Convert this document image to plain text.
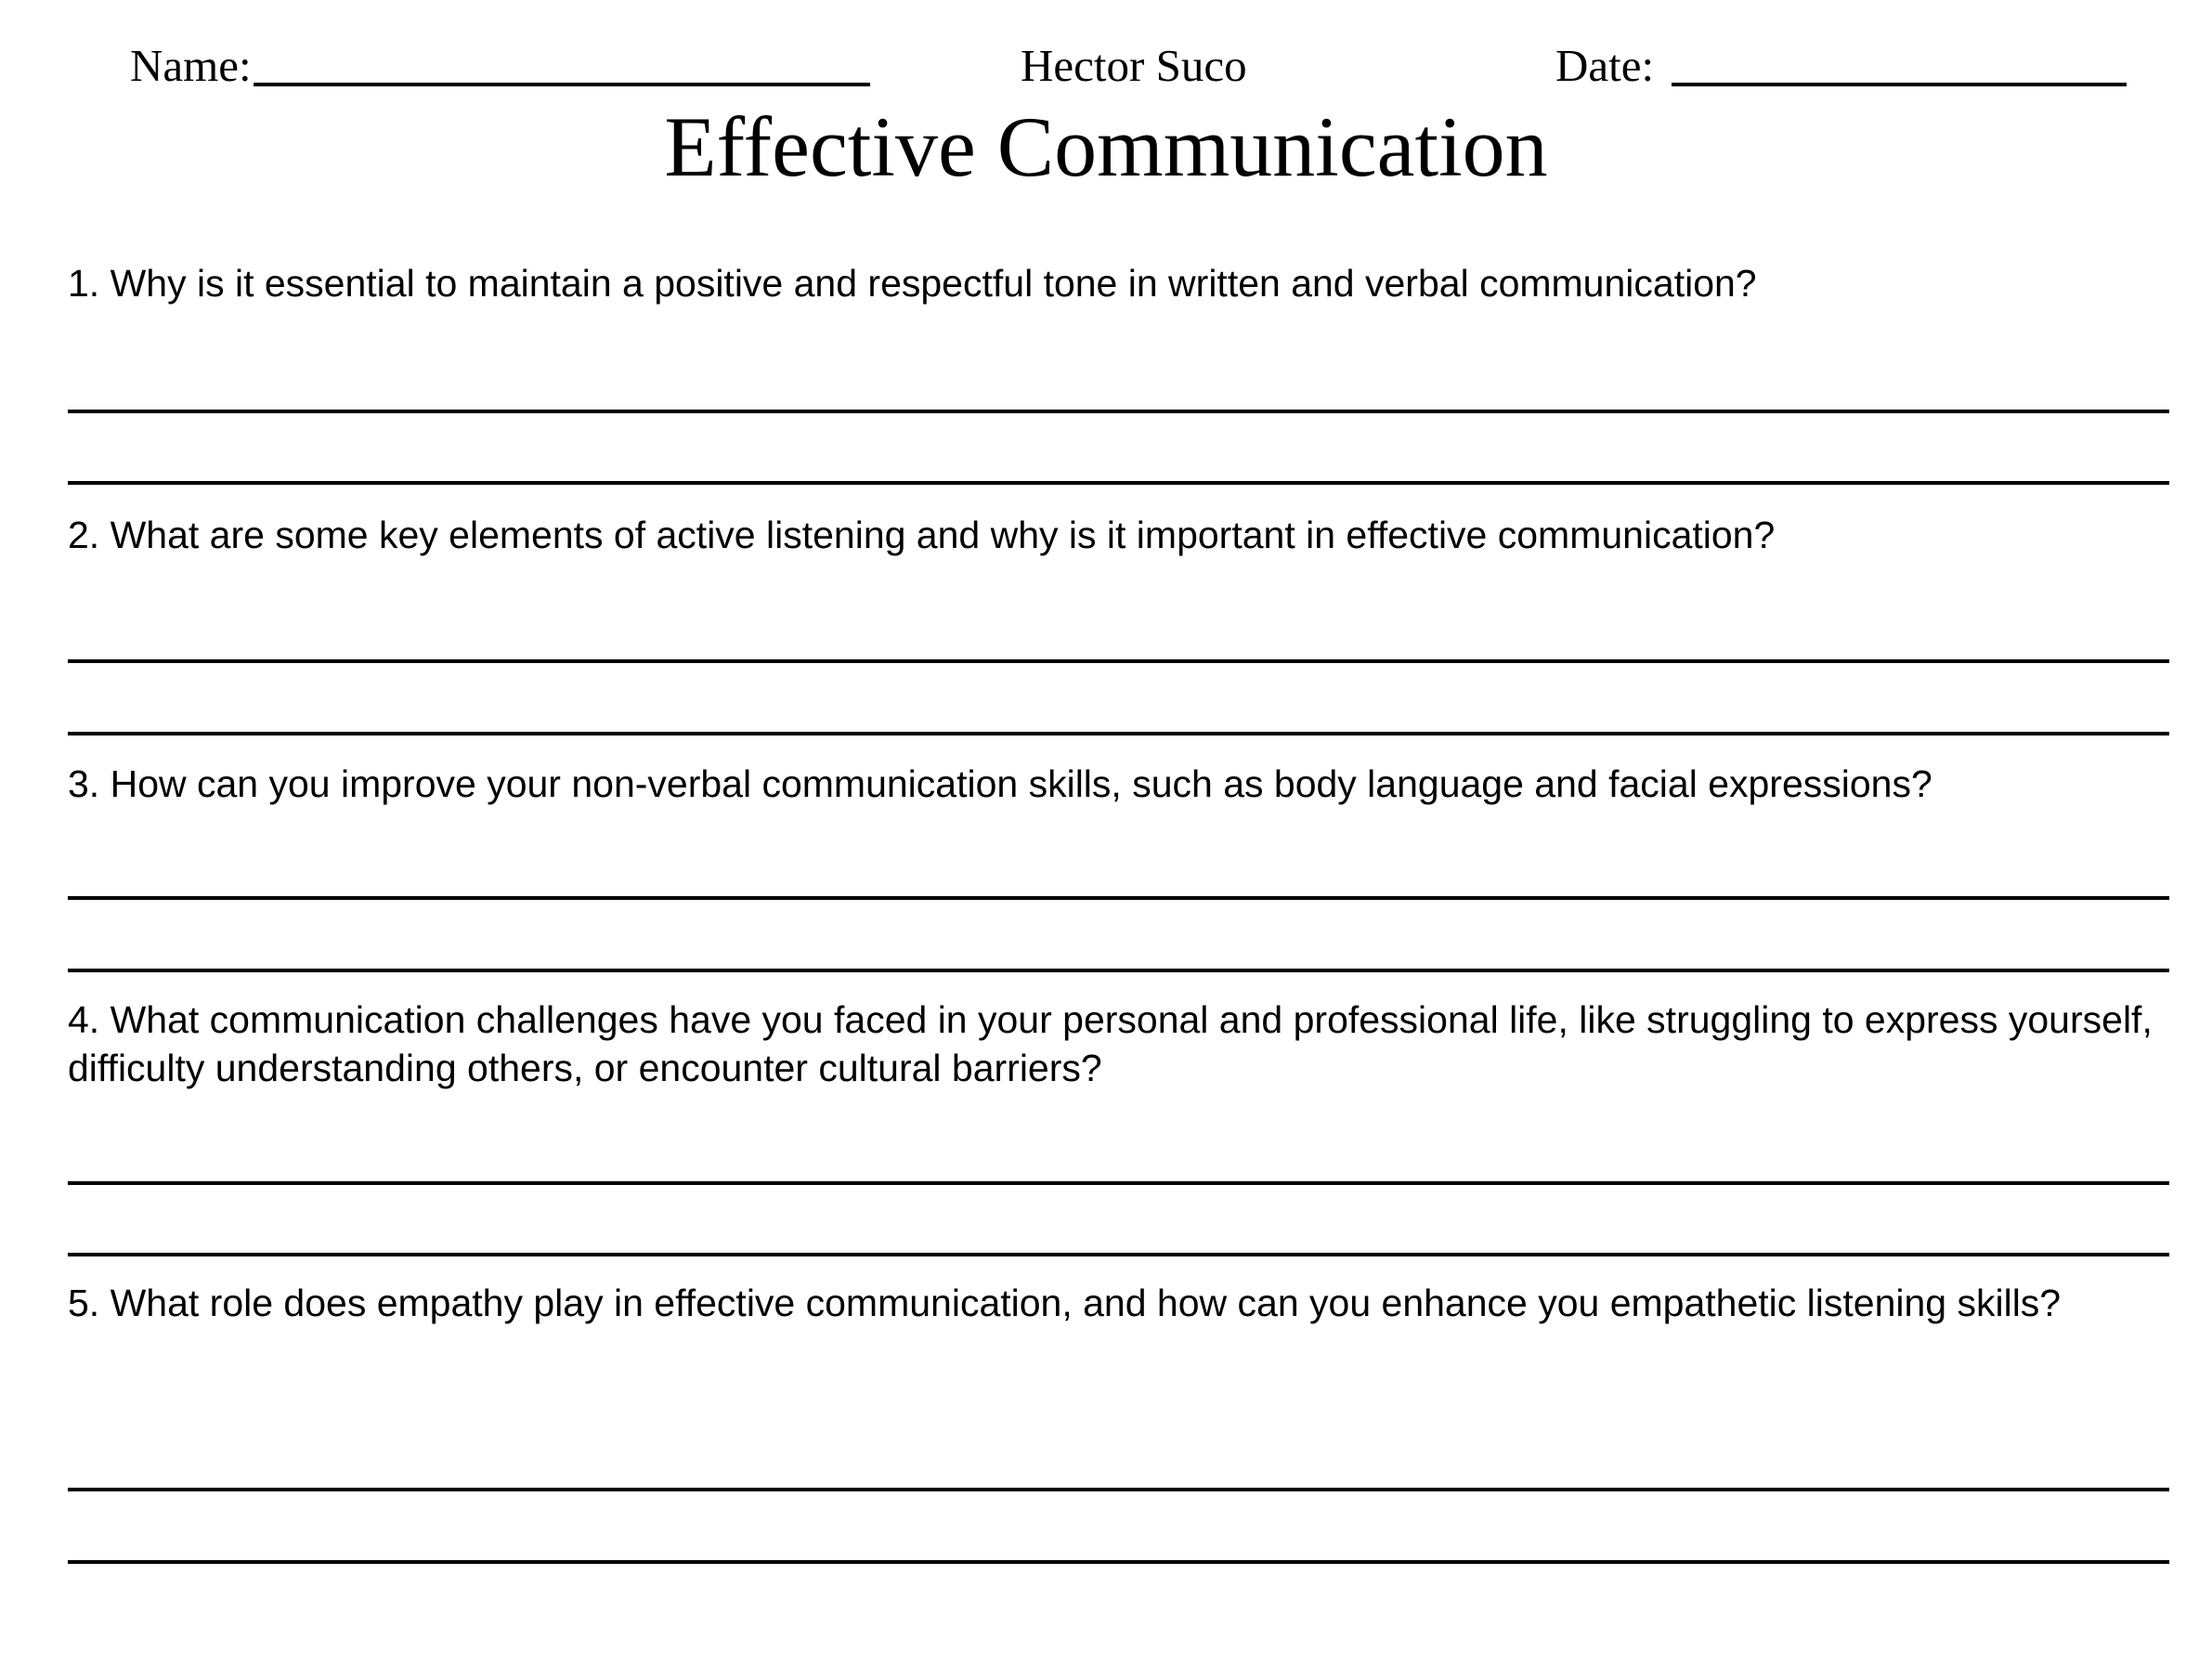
Name:	Hector Suco	Date:
Effective Communication

1. Why is it essential to maintain a positive and respectful tone in written and verbal communication?

2. What are some key elements of active listening and why is it important in effective communication?

3. How can you improve your non-verbal communication skills, such as body language and facial expressions?

4. What communication challenges have you faced in your personal and professional life, like struggling to express yourself, difficulty understanding others, or encounter cultural barriers?

5. What role does empathy play in effective communication, and how can you enhance you empathetic listening skills?
